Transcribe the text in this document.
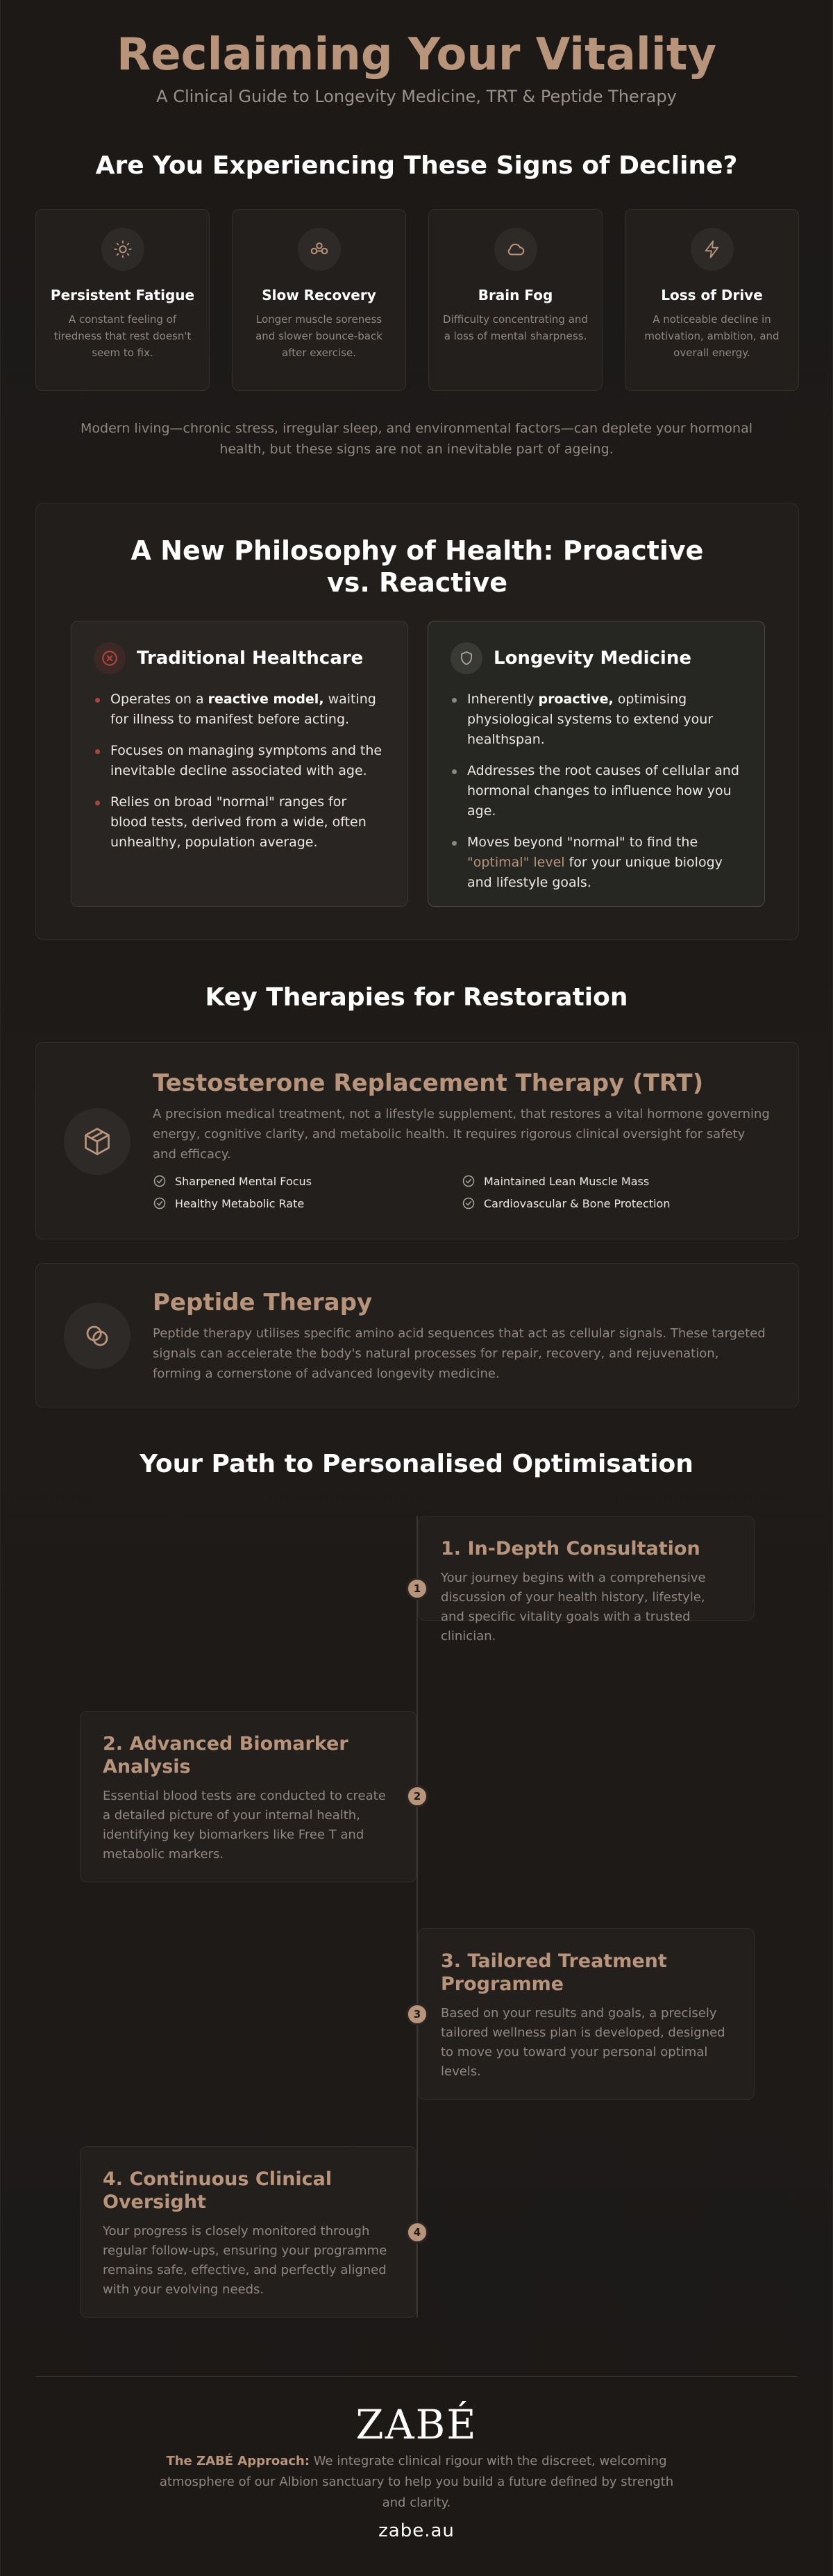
Reclaiming Your Vitality
A Clinical Guide to Longevity Medicine, TRT & Peptide Therapy
Are You Experiencing These Signs of Decline?
Persistent Fatigue
A constant feeling of tiredness that rest doesn't seem to fix.
Slow Recovery
Longer muscle soreness and slower bounce-back after exercise.
Brain Fog
Difficulty concentrating and a loss of mental sharpness.
Loss of Drive
A noticeable decline in motivation, ambition, and overall energy.

Modern living—chronic stress, irregular sleep, and environmental factors—can deplete your hormonal health, but these signs are not an inevitable part of ageing.

A New Philosophy of Health: Proactive vs. Reactive
Traditional Healthcare
Operates on a reactive model, waiting for illness to manifest before acting.
Focuses on managing symptoms and the inevitable decline associated with age.
Relies on broad "normal" ranges for blood tests, derived from a wide, often unhealthy, population average.
Longevity Medicine
Inherently proactive, optimising physiological systems to extend your healthspan.
Addresses the root causes of cellular and hormonal changes to influence how you age.
Moves beyond "normal" to find the "optimal" level for your unique biology and lifestyle goals.
Key Therapies for Restoration
Testosterone Replacement Therapy (TRT)
A precision medical treatment, not a lifestyle supplement, that restores a vital hormone governing energy, cognitive clarity, and metabolic health. It requires rigorous clinical oversight for safety and efficacy.
Sharpened Mental Focus	Maintained Lean Muscle Mass
Healthy Metabolic Rate	Cardiovascular & Bone Protection
Peptide Therapy
Peptide therapy utilises specific amino acid sequences that act as cellular signals. These targeted signals can accelerate the body's natural processes for repair, recovery, and rejuvenation, forming a cornerstone of advanced longevity medicine.
Your Path to Personalised Optimisation
1. In-Depth Consultation
Your journey begins with a comprehensive discussion of your health history, lifestyle, and specific vitality goals with a trusted clinician.
1
2. Advanced Biomarker Analysis
Essential blood tests are conducted to create a detailed picture of your internal health, identifying key biomarkers like Free T and metabolic markers.
2
3. Tailored Treatment Programme
Based on your results and goals, a precisely tailored wellness plan is developed, designed to move you toward your personal optimal levels.
3
4. Continuous Clinical Oversight
Your progress is closely monitored through regular follow-ups, ensuring your programme remains safe, effective, and perfectly aligned with your evolving needs.
4
ZABÉ

The ZABÉ Approach: We integrate clinical rigour with the discreet, welcoming atmosphere of our Albion sanctuary to help you build a future defined by strength and clarity.

zabe.au
